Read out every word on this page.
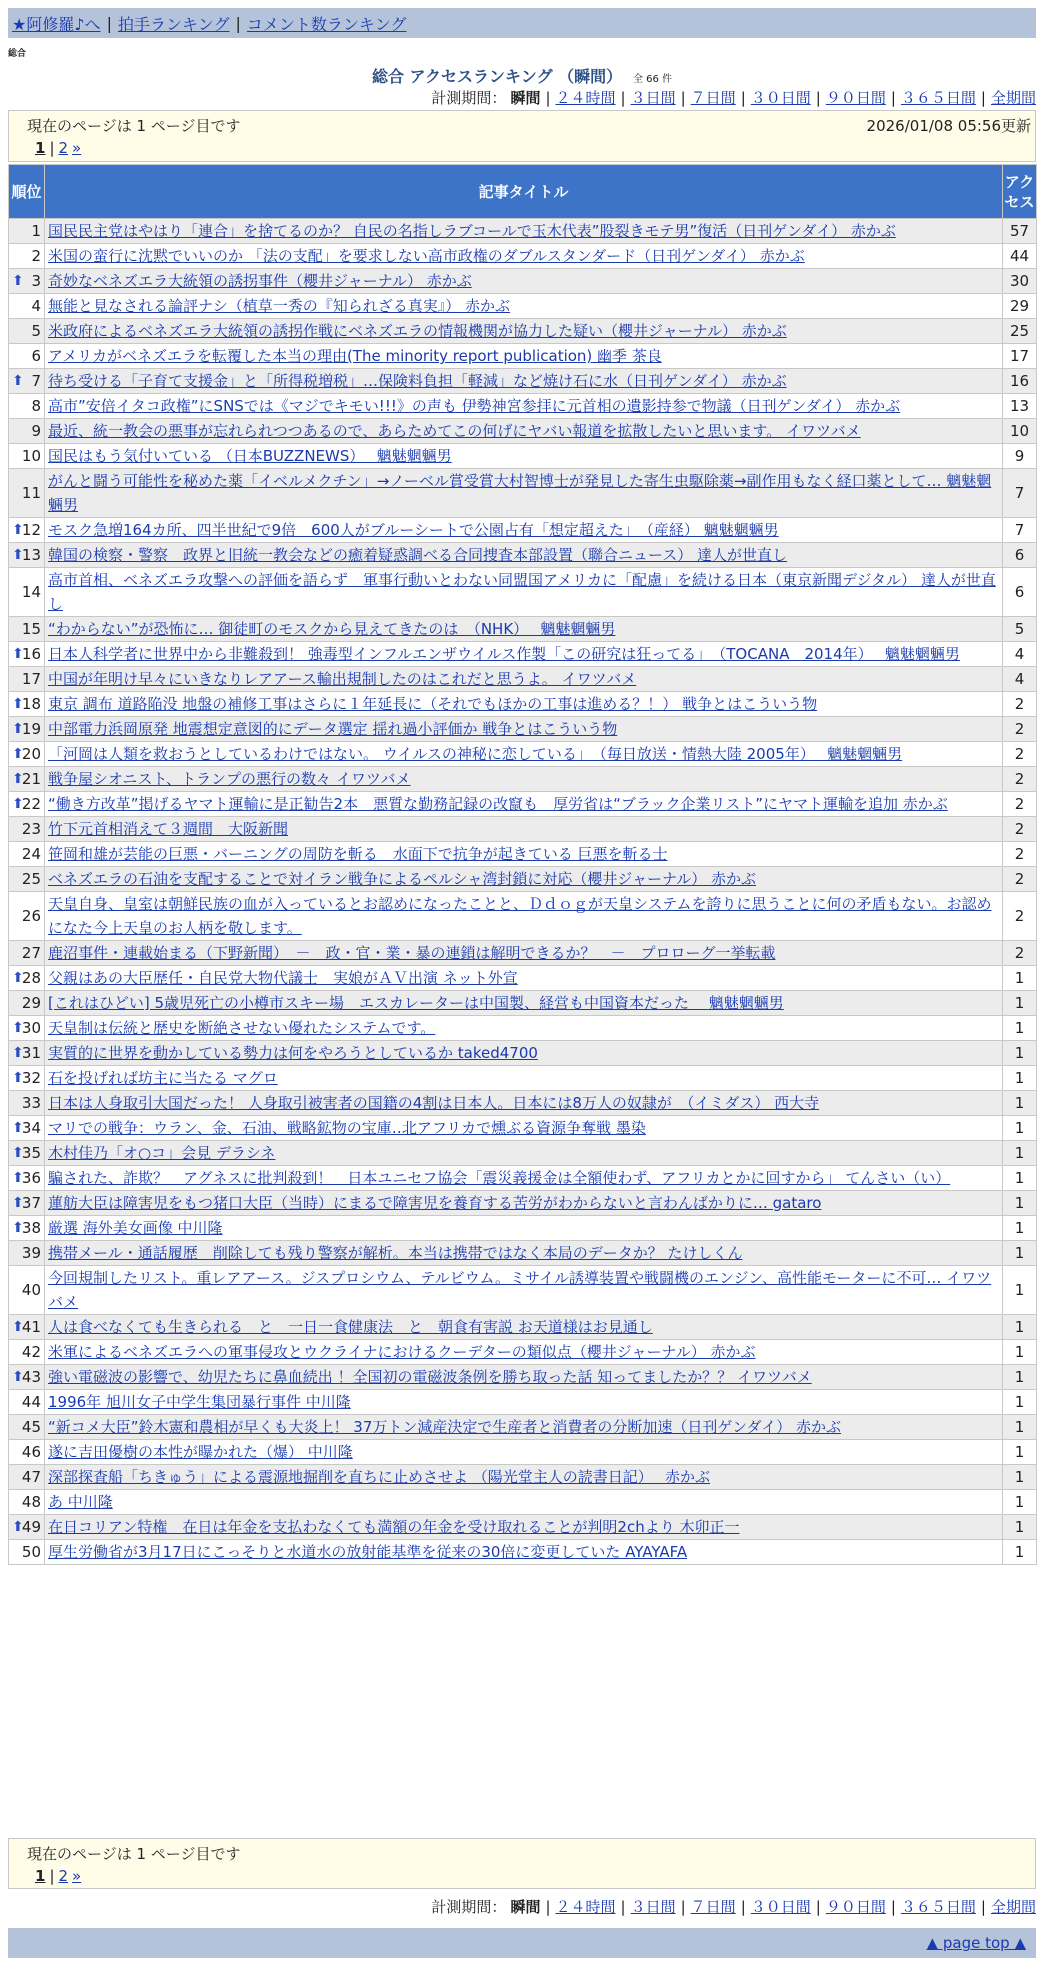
★阿修羅♪へ | 拍手ランキング | コメント数ランキング
総合
総合 アクセスランキング （瞬間） 全 66 件
計測期間： 瞬間 | ２４時間 | ３日間 | ７日間 | ３０日間 | ９０日間 | ３６５日間 | 全期間
現在のページは 1 ページ目です	2026/01/08 05:56更新
1 | 2 »
順位	記事タイトル	アクセス
1	国民民主党はやはり「連合」を捨てるのか？ 自民の名指しラブコールで玉木代表”股裂きモテ男”復活（日刊ゲンダイ） 赤かぶ	57
2	米国の蛮行に沈黙でいいのか 「法の支配」を要求しない高市政権のダブルスタンダード（日刊ゲンダイ） 赤かぶ	44

⬆ 3	奇妙なベネズエラ大統領の誘拐事件（櫻井ジャーナル） 赤かぶ	30
4	無能と見なされる論評ナシ（植草一秀の『知られざる真実』） 赤かぶ	29
5	米政府によるベネズエラ大統領の誘拐作戦にベネズエラの情報機関が協力した疑い（櫻井ジャーナル） 赤かぶ	25
6	アメリカがベネズエラを転覆した本当の理由(The minority report publication) 幽季 茶良	17

⬆ 7	待ち受ける「子育て支援金」と「所得税増税」…保険料負担「軽減」など焼け石に水（日刊ゲンダイ） 赤かぶ	16
8	高市”安倍イタコ政権”にSNSでは《マジでキモい!!!》の声も 伊勢神宮参拝に元首相の遺影持参で物議（日刊ゲンダイ） 赤かぶ	13
9	最近、統一教会の悪事が忘れられつつあるので、あらためてこの何げにヤバい報道を拡散したいと思います。 イワツバメ	10
10	国民はもう気付いている （日本BUZZNEWS）　 魑魅魍魎男	9
11	がんと闘う可能性を秘めた薬「イベルメクチン」→ノーベル賞受賞大村智博士が発見した寄生虫駆除薬→副作用もなく経口薬として… 魑魅魍魎男	7

⬆
12	モスク急増164カ所、四半世紀で9倍　600人がブルーシートで公園占有「想定超えた」　（産経） 魑魅魍魎男	7

⬆
13	韓国の検察・警察　政界と旧統一教会などの癒着疑惑調べる合同捜査本部設置（聯合ニュース） 達人が世直し	6
14	高市首相、ベネズエラ攻撃への評価を語らず　軍事行動いとわない同盟国アメリカに「配慮」を続ける日本（東京新聞デジタル） 達人が世直し	6
15	“わからない”が恐怖に… 御徒町のモスクから見えてきたのは　（NHK）　 魑魅魍魎男	5

⬆
16	日本人科学者に世界中から非難殺到！ 強毒型インフルエンザウイルス作製「この研究は狂ってる」　（TOCANA　2014年）　 魑魅魍魎男	4
17	中国が年明け早々にいきなりレアアース輸出規制したのはこれだと思うよ。 イワツバメ	4

⬆
18	東京 調布 道路陥没 地盤の補修工事はさらに１年延長に（それでもほかの工事は進める？！） 戦争とはこういう物	2

⬆
19	中部電力浜岡原発 地震想定意図的にデータ選定 揺れ過小評価か 戦争とはこういう物	2

⬆
20	「河岡は人類を救おうとしているわけではない。 ウイルスの神秘に恋している」　（毎日放送・情熱大陸 2005年）　 魑魅魍魎男	2

⬆
21	戦争屋シオニスト、トランプの悪行の数々 イワツバメ	2

⬆
22	“働き方改革”掲げるヤマト運輸に是正勧告2本　悪質な勤務記録の改竄も　厚労省は“ブラック企業リスト”にヤマト運輸を追加 赤かぶ	2
23	竹下元首相消えて３週間　大阪新聞	2
24	笹岡和雄が芸能の巨悪・バーニングの周防を斬る　水面下で抗争が起きている 巨悪を斬る士	2
25	ベネズエラの石油を支配することで対イラン戦争によるペルシャ湾封鎖に対応（櫻井ジャーナル） 赤かぶ	2
26	天皇自身、皇室は朝鮮民族の血が入っているとお認めになったことと、Ｄｄｏｇが天皇システムを誇りに思うことに何の矛盾もない。お認めになた今上天皇のお人柄を敬します。	2
27	鹿沼事件・連載始まる（下野新聞）　－　政・官・業・暴の連鎖は解明できるか？　－　プロローグ一挙転載	2

⬆
28	父親はあの大臣歴任・自民党大物代議士　実娘がＡＶ出演 ネット外宣	1
29	[これはひどい] 5歳児死亡の小樽市スキー場　エスカレーターは中国製、経営も中国資本だった　 魑魅魍魎男	1

⬆
30	天皇制は伝統と歴史を断絶させない優れたシステムです。	1

⬆
31	実質的に世界を動かしている勢力は何をやろうとしているか taked4700	1

⬆
32	石を投げれば坊主に当たる マグロ	1
33	日本は人身取引大国だった！ 人身取引被害者の国籍の4割は日本人。日本には8万人の奴隷が　（イミダス） 西大寺	1

⬆
34	マリでの戦争：ウラン、金、石油、戦略鉱物の宝庫‥北アフリカで燻ぶる資源争奪戦 墨染	1

⬆
35	木村佳乃「オ○コ」会見 デラシネ	1

⬆
36	騙された、詐欺？　アグネスに批判殺到！　日本ユニセフ協会「震災義援金は全額使わず、アフリカとかに回すから」 てんさい（い）	1

⬆
37	蓮舫大臣は障害児をもつ猪口大臣（当時）にまるで障害児を養育する苦労がわからないと言わんばかりに… gataro	1

⬆
38	厳選 海外美女画像 中川隆	1
39	携帯メール・通話履歴　削除しても残り警察が解析。本当は携帯ではなく本局のデータか？ たけしくん	1
40	今回規制したリスト。重レアアース。ジスプロシウム、テルビウム。ミサイル誘導装置や戦闘機のエンジン、高性能モーターに不可… イワツバメ	1

⬆
41	人は食べなくても生きられる　と　一日一食健康法　と　朝食有害説 お天道様はお見通し	1
42	米軍によるベネズエラへの軍事侵攻とウクライナにおけるクーデターの類似点（櫻井ジャーナル） 赤かぶ	1

⬆
43	強い電磁波の影響で、幼児たちに鼻血続出 ！全国初の電磁波条例を勝ち取った話 知ってましたか？？ イワツバメ	1
44	1996年 旭川女子中学生集団暴行事件 中川隆	1
45	“新コメ大臣”鈴木憲和農相が早くも大炎上！ 37万トン減産決定で生産者と消費者の分断加速（日刊ゲンダイ） 赤かぶ	1
46	遂に吉田優樹の本性が曝かれた（爆） 中川隆	1
47	深部探査船「ちきゅう」による震源地掘削を直ちに止めさせよ （陽光堂主人の読書日記）　 赤かぶ	1
48	あ 中川隆	1

⬆
49	在日コリアン特権　在日は年金を支払わなくても満額の年金を受け取れることが判明2chより 木卯正一	1
50	厚生労働省が3月17日にこっそりと水道水の放射能基準を従来の30倍に変更していた AYAYAFA	1
現在のページは 1 ページ目です
1 | 2 »
計測期間： 瞬間 | ２４時間 | ３日間 | ７日間 | ３０日間 | ９０日間 | ３６５日間 | 全期間
▲ page top ▲
